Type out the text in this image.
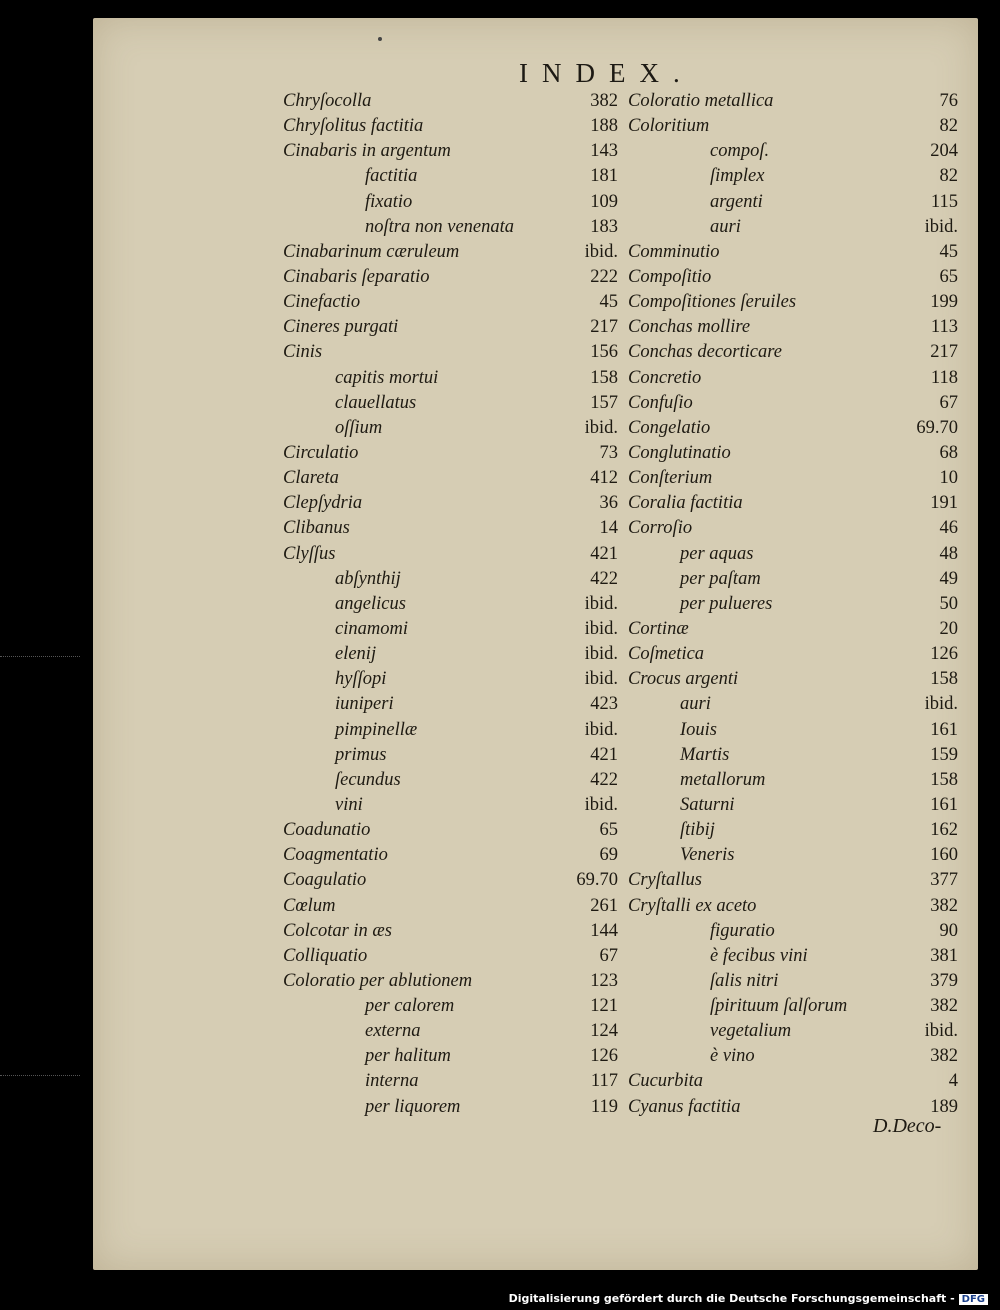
INDEX.
Chryſocolla	382
Chryſolitus factitia	188
Cinabaris in argentum	143
factitia	181
fixatio	109
noſtra non venenata	183
Cinabarinum cæruleum	ibid.
Cinabaris ſeparatio	222
Cinefactio	45
Cineres purgati	217
Cinis	156
capitis mortui	158
clauellatus	157
oſſium	ibid.
Circulatio	73
Clareta	412
Clepſydria	36
Clibanus	14
Clyſſus	421
abſynthij	422
angelicus	ibid.
cinamomi	ibid.
elenij	ibid.
hyſſopi	ibid.
iuniperi	423
pimpinellæ	ibid.
primus	421
ſecundus	422
vini	ibid.
Coadunatio	65
Coagmentatio	69
Coagulatio	69.70
Cœlum	261
Colcotar in æs	144
Colliquatio	67
Coloratio per ablutionem	123
per calorem	121
externa	124
per halitum	126
interna	117
per liquorem	119
Coloratio metallica	76
Coloritium	82
compoſ.	204
ſimplex	82
argenti	115
auri	ibid.
Comminutio	45
Compoſitio	65
Compoſitiones ſeruiles	199
Conchas mollire	113
Conchas decorticare	217
Concretio	118
Confuſio	67
Congelatio	69.70
Conglutinatio	68
Conſterium	10
Coralia factitia	191
Corroſio	46
per aquas	48
per paſtam	49
per pulueres	50
Cortinæ	20
Coſmetica	126
Crocus argenti	158
auri	ibid.
Iouis	161
Martis	159
metallorum	158
Saturni	161
ſtibij	162
Veneris	160
Cryſtallus	377
Cryſtalli ex aceto	382
figuratio	90
è fecibus vini	381
ſalis nitri	379
ſpirituum ſalſorum	382
vegetalium	ibid.
è vino	382
Cucurbita	4
Cyanus factitia	189
D.Deco-
Digitalisierung gefördert durch die Deutsche Forschungsgemeinschaft - DFG
